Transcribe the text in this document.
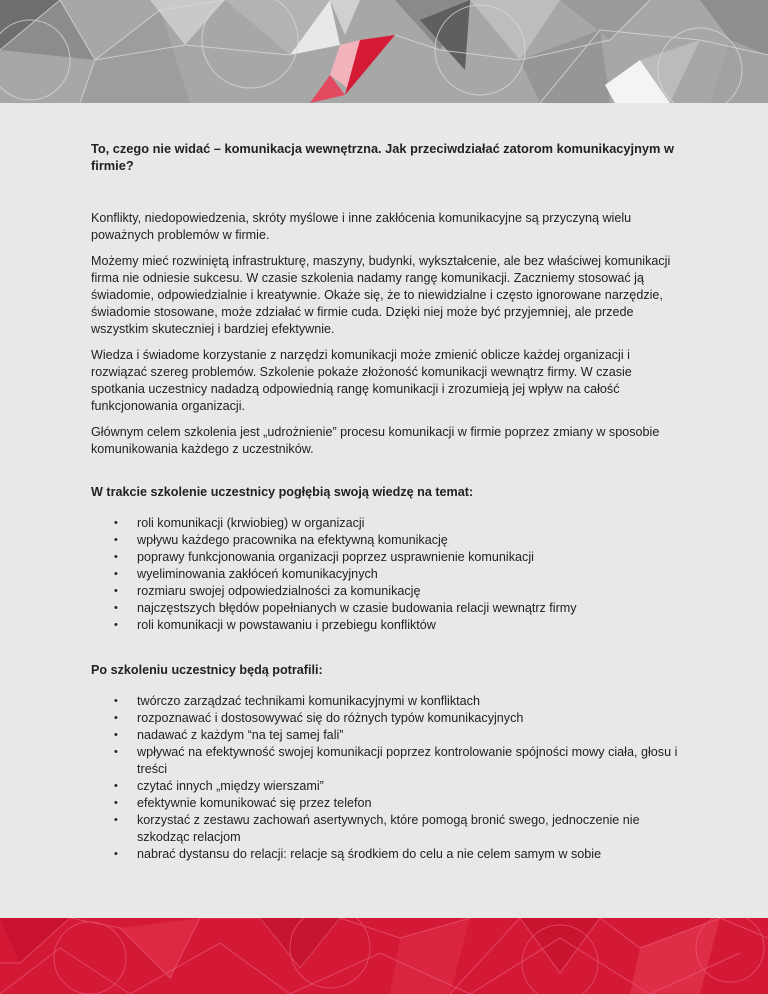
To, czego nie widać – komunikacja wewnętrzna. Jak przeciwdziałać zatorom komunikacyjnym w firmie?

Konflikty, niedopowiedzenia, skróty myślowe i inne zakłócenia komunikacyjne są przyczyną wielu poważnych problemów w firmie.

Możemy mieć rozwiniętą infrastrukturę, maszyny, budynki, wykształcenie, ale bez właściwej komunikacji firma nie odniesie sukcesu. W czasie szkolenia nadamy rangę komunikacji. Zaczniemy stosować ją świadomie, odpowiedzialnie i kreatywnie. Okaże się, że to niewidzialne i często ignorowane narzędzie, świadomie stosowane, może zdziałać w firmie cuda. Dzięki niej może być przyjemniej, ale przede wszystkim skuteczniej i bardziej efektywnie.

Wiedza i świadome korzystanie z narzędzi komunikacji może zmienić oblicze każdej organizacji i rozwiązać szereg problemów. Szkolenie pokaże złożoność komunikacji wewnątrz firmy. W czasie spotkania uczestnicy nadadzą odpowiednią rangę komunikacji i zrozumieją jej wpływ na całość funkcjonowania organizacji.

Głównym celem szkolenia jest „udrożnienie” procesu komunikacji w firmie poprzez zmiany w sposobie komunikowania każdego z uczestników.

W trakcie szkolenie uczestnicy pogłębią swoją wiedzę na temat:
• roli komunikacji (krwiobieg) w organizacji
• wpływu każdego pracownika na efektywną komunikację
• poprawy funkcjonowania organizacji poprzez usprawnienie komunikacji
• wyeliminowania zakłóceń komunikacyjnych
• rozmiaru swojej odpowiedzialności za komunikację
• najczęstszych błędów popełnianych w czasie budowania relacji wewnątrz firmy
• roli komunikacji w powstawaniu i przebiegu konfliktów
Po szkoleniu uczestnicy będą potrafili:
• twórczo zarządzać technikami komunikacyjnymi w konfliktach
• rozpoznawać i dostosowywać się do różnych typów komunikacyjnych
• nadawać z każdym “na tej samej fali”
• wpływać na efektywność swojej komunikacji poprzez kontrolowanie spójności mowy ciała, głosu i treści
• czytać innych „między wierszami”
• efektywnie komunikować się przez telefon
• korzystać z zestawu zachowań asertywnych, które pomogą bronić swego, jednoczenie nie szkodząc relacjom
• nabrać dystansu do relacji: relacje są środkiem do celu a nie celem samym w sobie
